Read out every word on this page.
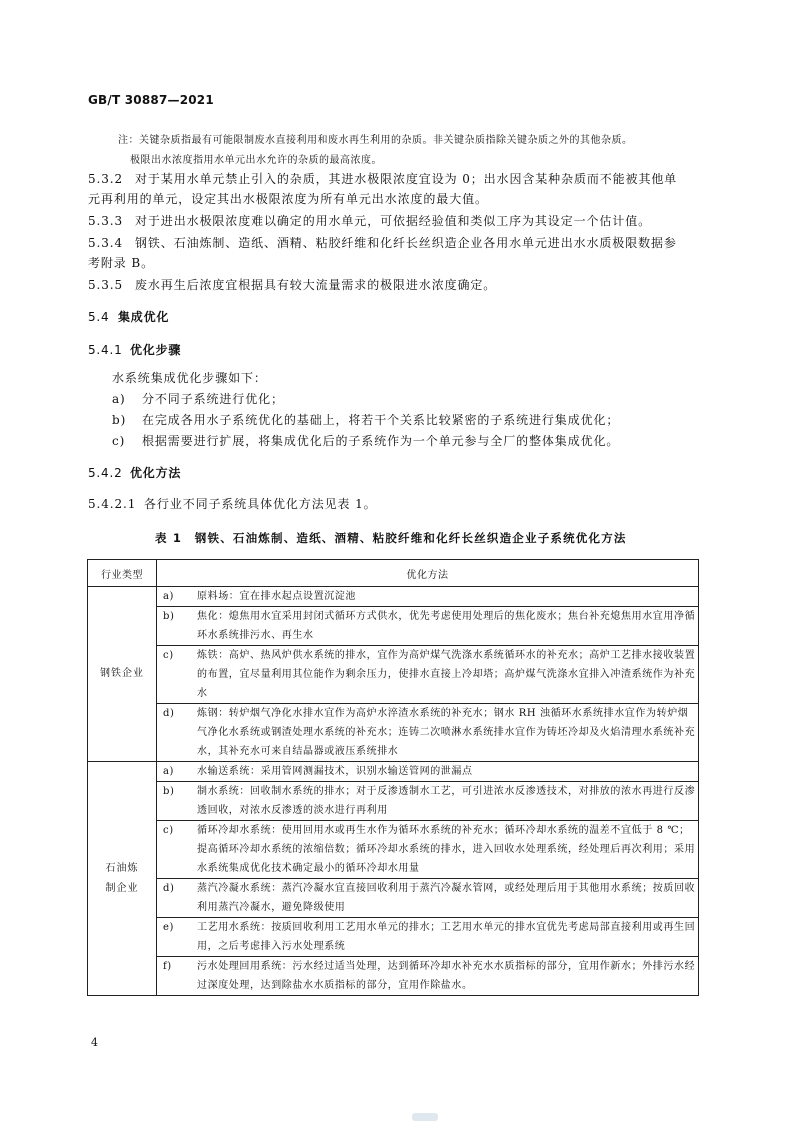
GB/T 30887—2021
注：关键杂质指最有可能限制废水直接利用和废水再生利用的杂质。非关键杂质指除关键杂质之外的其他杂质。
极限出水浓度指用水单元出水允许的杂质的最高浓度。
5.3.2 对于某用水单元禁止引入的杂质，其进水极限浓度宜设为 0；出水因含某种杂质而不能被其他单
元再利用的单元，设定其出水极限浓度为所有单元出水浓度的最大值。
5.3.3 对于进出水极限浓度难以确定的用水单元，可依据经验值和类似工序为其设定一个估计值。
5.3.4 钢铁、石油炼制、造纸、酒精、粘胶纤维和化纤长丝织造企业各用水单元进出水水质极限数据参
考附录 B。
5.3.5 废水再生后浓度宜根据具有较大流量需求的极限进水浓度确定。
5.4 集成优化
5.4.1 优化步骤
水系统集成优化步骤如下：
a) 分不同子系统进行优化；
b) 在完成各用水子系统优化的基础上，将若干个关系比较紧密的子系统进行集成优化；
c) 根据需要进行扩展，将集成优化后的子系统作为一个单元参与全厂的整体集成优化。
5.4.2 优化方法
5.4.2.1 各行业不同子系统具体优化方法见表 1。
表 1　钢铁、石油炼制、造纸、酒精、粘胶纤维和化纤长丝织造企业子系统优化方法
行业类型	优化方法
钢铁企业	a) 原料场：宜在排水起点设置沉淀池

	b) 焦化：熄焦用水宜采用封闭式循环方式供水，优先考虑使用处理后的焦化废水；焦台补充熄焦用水宜用净循环水系统排污水、再生水

	c) 炼铁：高炉、热风炉供水系统的排水，宜作为高炉煤气洗涤水系统循环水的补充水；高炉工艺排水接收装置的布置，宜尽量利用其位能作为剩余压力，使排水直接上冷却塔；高炉煤气洗涤水宜排入冲渣系统作为补充水

	d) 炼钢：转炉烟气净化水排水宜作为高炉水淬渣水系统的补充水；钢水 RH 浊循环水系统排水宜作为转炉烟气净化水系统或钢渣处理水系统的补充水；连铸二次喷淋水系统排水宜作为铸坯冷却及火焰清理水系统补充水，其补充水可来自结晶器或液压系统排水

石油炼制企业	a) 水输送系统：采用管网测漏技术，识别水输送管网的泄漏点

	b) 制水系统：回收制水系统的排水；对于反渗透制水工艺，可引进浓水反渗透技术，对排放的浓水再进行反渗透回收，对浓水反渗透的淡水进行再利用

	c) 循环冷却水系统：使用回用水或再生水作为循环水系统的补充水；循环冷却水系统的温差不宜低于 8 ℃；提高循环冷却水系统的浓缩倍数；循环冷却水系统的排水，进入回收水处理系统，经处理后再次利用；采用水系统集成优化技术确定最小的循环冷却水用量

	d) 蒸汽冷凝水系统：蒸汽冷凝水宜直接回收利用于蒸汽冷凝水管网，或经处理后用于其他用水系统；按质回收利用蒸汽冷凝水，避免降级使用

	e) 工艺用水系统：按质回收利用工艺用水单元的排水；工艺用水单元的排水宜优先考虑局部直接利用或再生回用，之后考虑排入污水处理系统

	f) 污水处理回用系统：污水经过适当处理，达到循环冷却水补充水水质指标的部分，宜用作新水；外排污水经过深度处理，达到除盐水水质指标的部分，宜用作除盐水。
4
